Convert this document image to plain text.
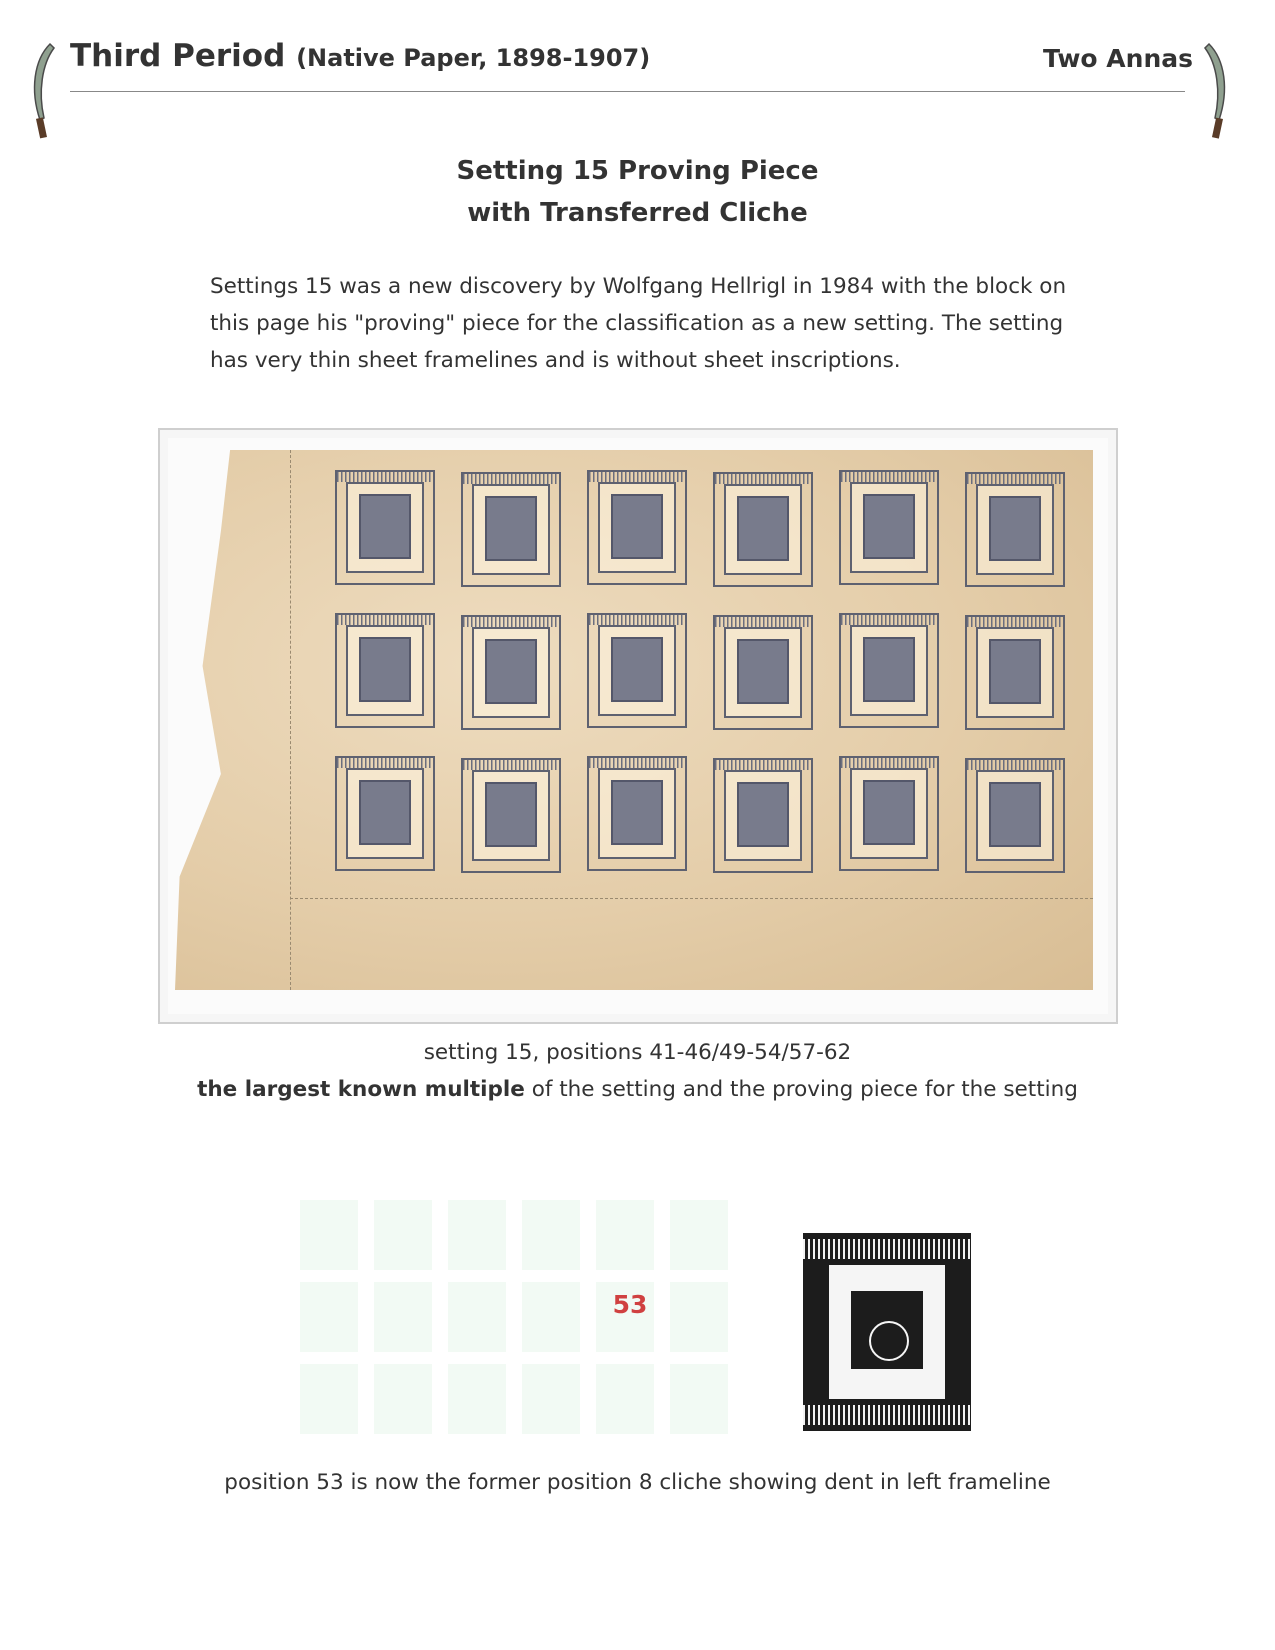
Third Period (Native Paper, 1898-1907)	Two Annas
Setting 15 Proving Piece
with Transferred Cliche
Settings 15 was a new discovery by Wolfgang Hellrigl in 1984 with the block on this page his "proving" piece for the classification as a new setting. The setting has very thin sheet framelines and is without sheet inscriptions.
setting 15, positions 41-46/49-54/57-62
the largest known multiple of the setting and the proving piece for the setting
53
position 53 is now the former position 8 cliche showing dent in left frameline
